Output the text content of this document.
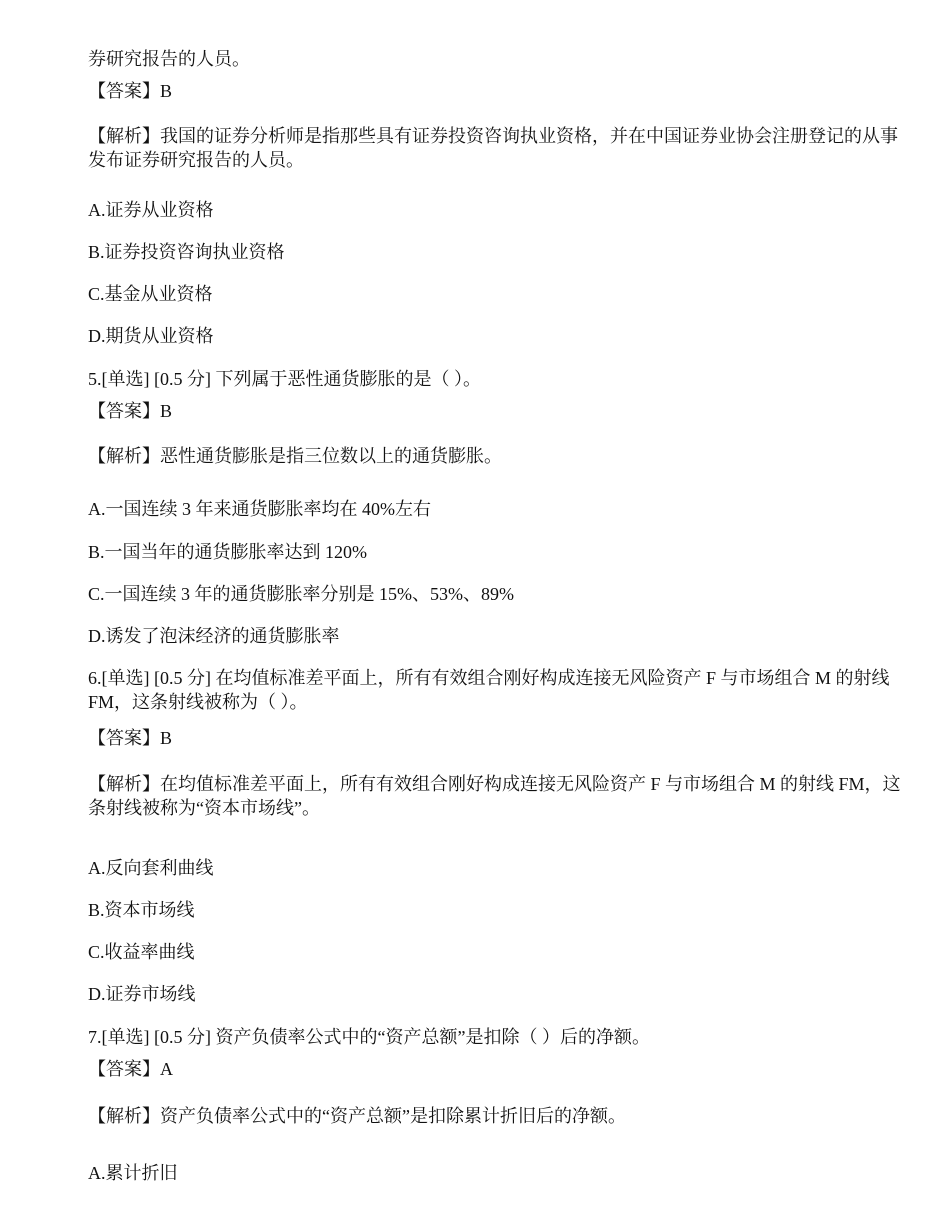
券研究报告的人员。
【答案】B
【解析】我国的证券分析师是指那些具有证券投资咨询执业资格，并在中国证券业协会注册登记的从事发布证券研究报告的人员。
A.证券从业资格
B.证券投资咨询执业资格
C.基金从业资格
D.期货从业资格
5.[单选] [0.5 分] 下列属于恶性通货膨胀的是（ ）。
【答案】B
【解析】恶性通货膨胀是指三位数以上的通货膨胀。
A.一国连续 3 年来通货膨胀率均在 40%左右
B.一国当年的通货膨胀率达到 120%
C.一国连续 3 年的通货膨胀率分别是 15%、53%、89%
D.诱发了泡沫经济的通货膨胀率
6.[单选] [0.5 分] 在均值标准差平面上，所有有效组合刚好构成连接无风险资产 F 与市场组合 M 的射线 FM，这条射线被称为（ ）。
【答案】B
【解析】在均值标准差平面上，所有有效组合刚好构成连接无风险资产 F 与市场组合 M 的射线 FM，这条射线被称为“资本市场线”。
A.反向套利曲线
B.资本市场线
C.收益率曲线
D.证券市场线
7.[单选] [0.5 分] 资产负债率公式中的“资产总额”是扣除（ ）后的净额。
【答案】A
【解析】资产负债率公式中的“资产总额”是扣除累计折旧后的净额。
A.累计折旧
